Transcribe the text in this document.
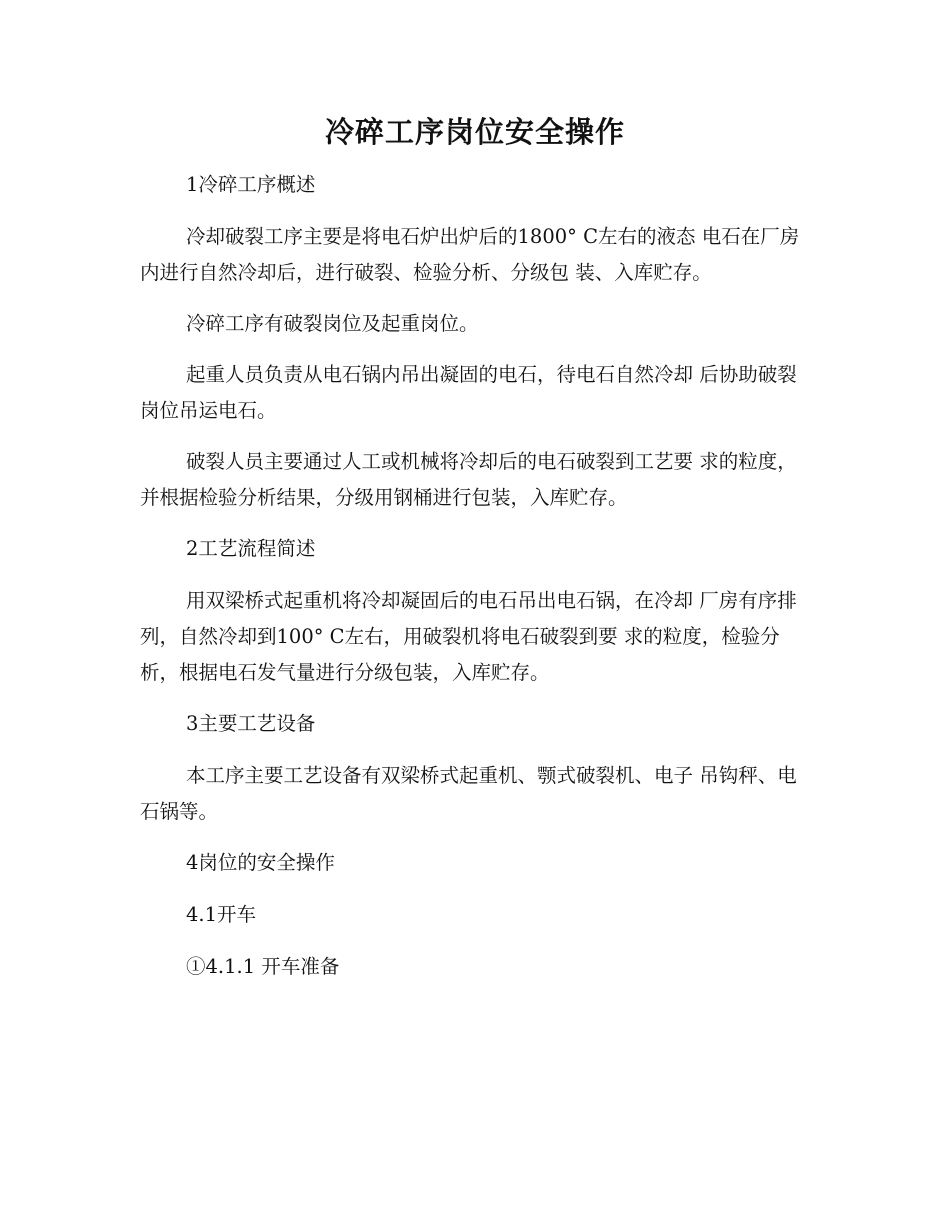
冷碎工序岗位安全操作

1冷碎工序概述

冷却破裂工序主要是将电石炉出炉后的1800° C左右的液态 电石在厂房内进行自然冷却后，进行破裂、检验分析、分级包 装、入库贮存。

冷碎工序有破裂岗位及起重岗位。

起重人员负责从电石锅内吊出凝固的电石，待电石自然冷却 后协助破裂岗位吊运电石。

破裂人员主要通过人工或机械将冷却后的电石破裂到工艺要 求的粒度，并根据检验分析结果，分级用钢桶进行包装，入库贮存。

2工艺流程简述

用双梁桥式起重机将冷却凝固后的电石吊出电石锅，在冷却 厂房有序排列，自然冷却到100° C左右，用破裂机将电石破裂到要 求的粒度，检验分析，根据电石发气量进行分级包装，入库贮存。

3主要工艺设备

本工序主要工艺设备有双梁桥式起重机、颚式破裂机、电子 吊钩秤、电石锅等。

4岗位的安全操作

4.1开车

①4.1.1 开车准备
